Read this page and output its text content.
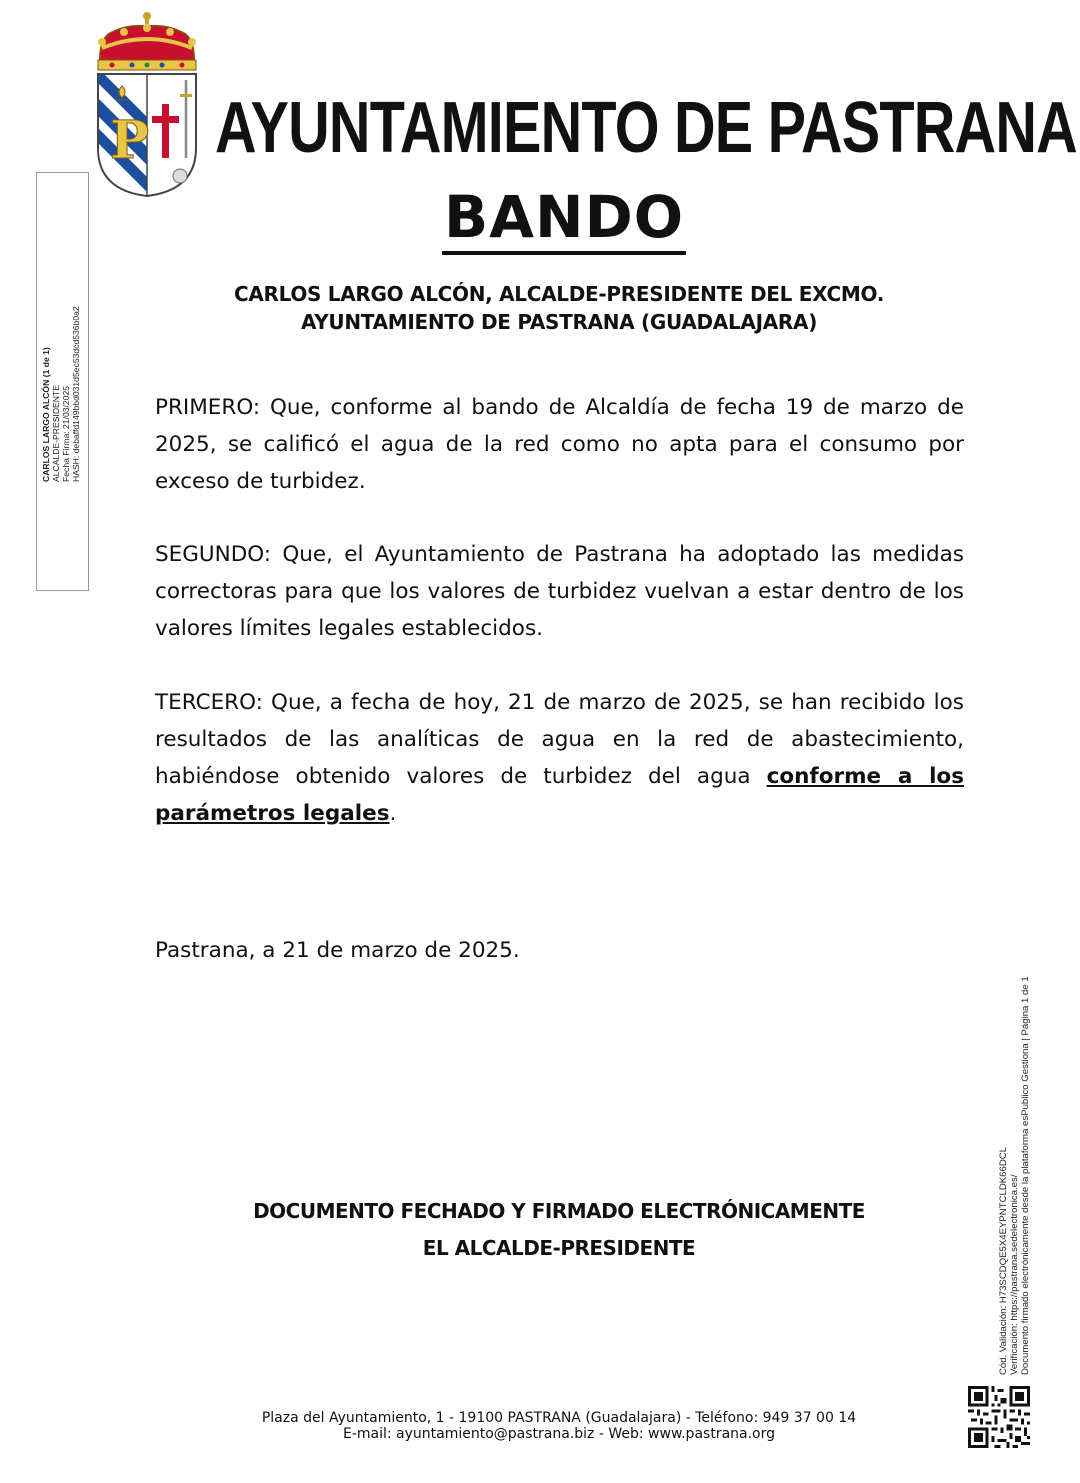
P AYUNTAMIENTO DE PASTRANA
BANDO
CARLOS LARGO ALCÓN, ALCALDE-PRESIDENTE DEL EXCMO.
AYUNTAMIENTO DE PASTRANA (GUADALAJARA)
PRIMERO: Que, conforme al bando de Alcaldía de fecha 19 de marzo de 2025, se calificó el agua de la red como no apta para el consumo por exceso de turbidez.
SEGUNDO: Que, el Ayuntamiento de Pastrana ha adoptado las medidas correctoras para que los valores de turbidez vuelvan a estar dentro de los valores límites legales establecidos.
TERCERO: Que, a fecha de hoy, 21 de marzo de 2025, se han recibido los resultados de las analíticas de agua en la red de abastecimiento, habiéndose obtenido valores de turbidez del agua conforme a los parámetros legales.
Pastrana, a 21 de marzo de 2025.
DOCUMENTO FECHADO Y FIRMADO ELECTRÓNICAMENTE
EL ALCALDE-PRESIDENTE
Plaza del Ayuntamiento, 1 - 19100 PASTRANA (Guadalajara) - Teléfono: 949 37 00 14
E-mail: ayuntamiento@pastrana.biz - Web: www.pastrana.org
CARLOS LARGO ALCÓN (1 de 1) ALCALDE-PRESIDENTE Fecha Firma: 21/03/2025 HASH: debaffd149bbd031d5ec53dcd536b0a2
Cód. Validación: H73SCDQE5X4EYPNTCLDK66DCL Verificación: https://pastrana.sedelectronica.es/ Documento firmado electrónicamente desde la plataforma esPublico Gestiona | Página 1 de 1
